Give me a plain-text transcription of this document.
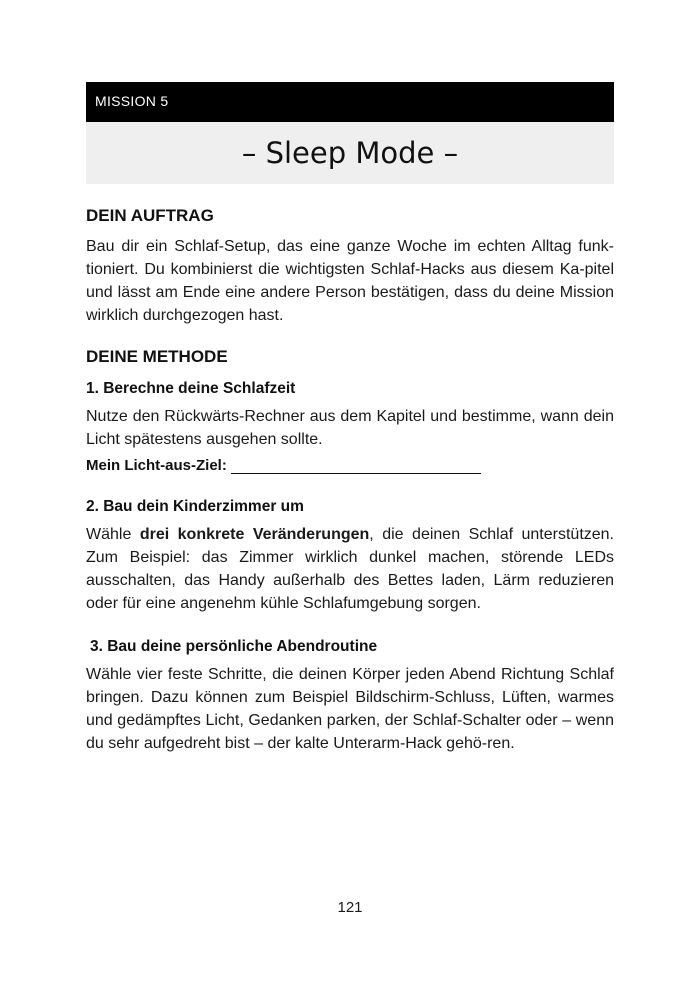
MISSION 5
– Sleep Mode –
DEIN AUFTRAG

Bau dir ein Schlaf-Setup, das eine ganze Woche im echten Alltag funk-tioniert. Du kombinierst die wichtigsten Schlaf-Hacks aus diesem Ka-pitel und lässt am Ende eine andere Person bestätigen, dass du deine Mission wirklich durchgezogen hast.

DEINE METHODE
1. Berechne deine Schlafzeit

Nutze den Rückwärts-Rechner aus dem Kapitel und bestimme, wann dein Licht spätestens ausgehen sollte.

Mein Licht-aus-Ziel:
2. Bau dein Kinderzimmer um

Wähle drei konkrete Veränderungen, die deinen Schlaf unterstützen. Zum Beispiel: das Zimmer wirklich dunkel machen, störende LEDs ausschalten, das Handy außerhalb des Bettes laden, Lärm reduzieren oder für eine angenehm kühle Schlafumgebung sorgen.

3. Bau deine persönliche Abendroutine

Wähle vier feste Schritte, die deinen Körper jeden Abend Richtung Schlaf bringen. Dazu können zum Beispiel Bildschirm-Schluss, Lüften, warmes und gedämpftes Licht, Gedanken parken, der Schlaf-Schalter oder – wenn du sehr aufgedreht bist – der kalte Unterarm-Hack gehö-ren.

121
